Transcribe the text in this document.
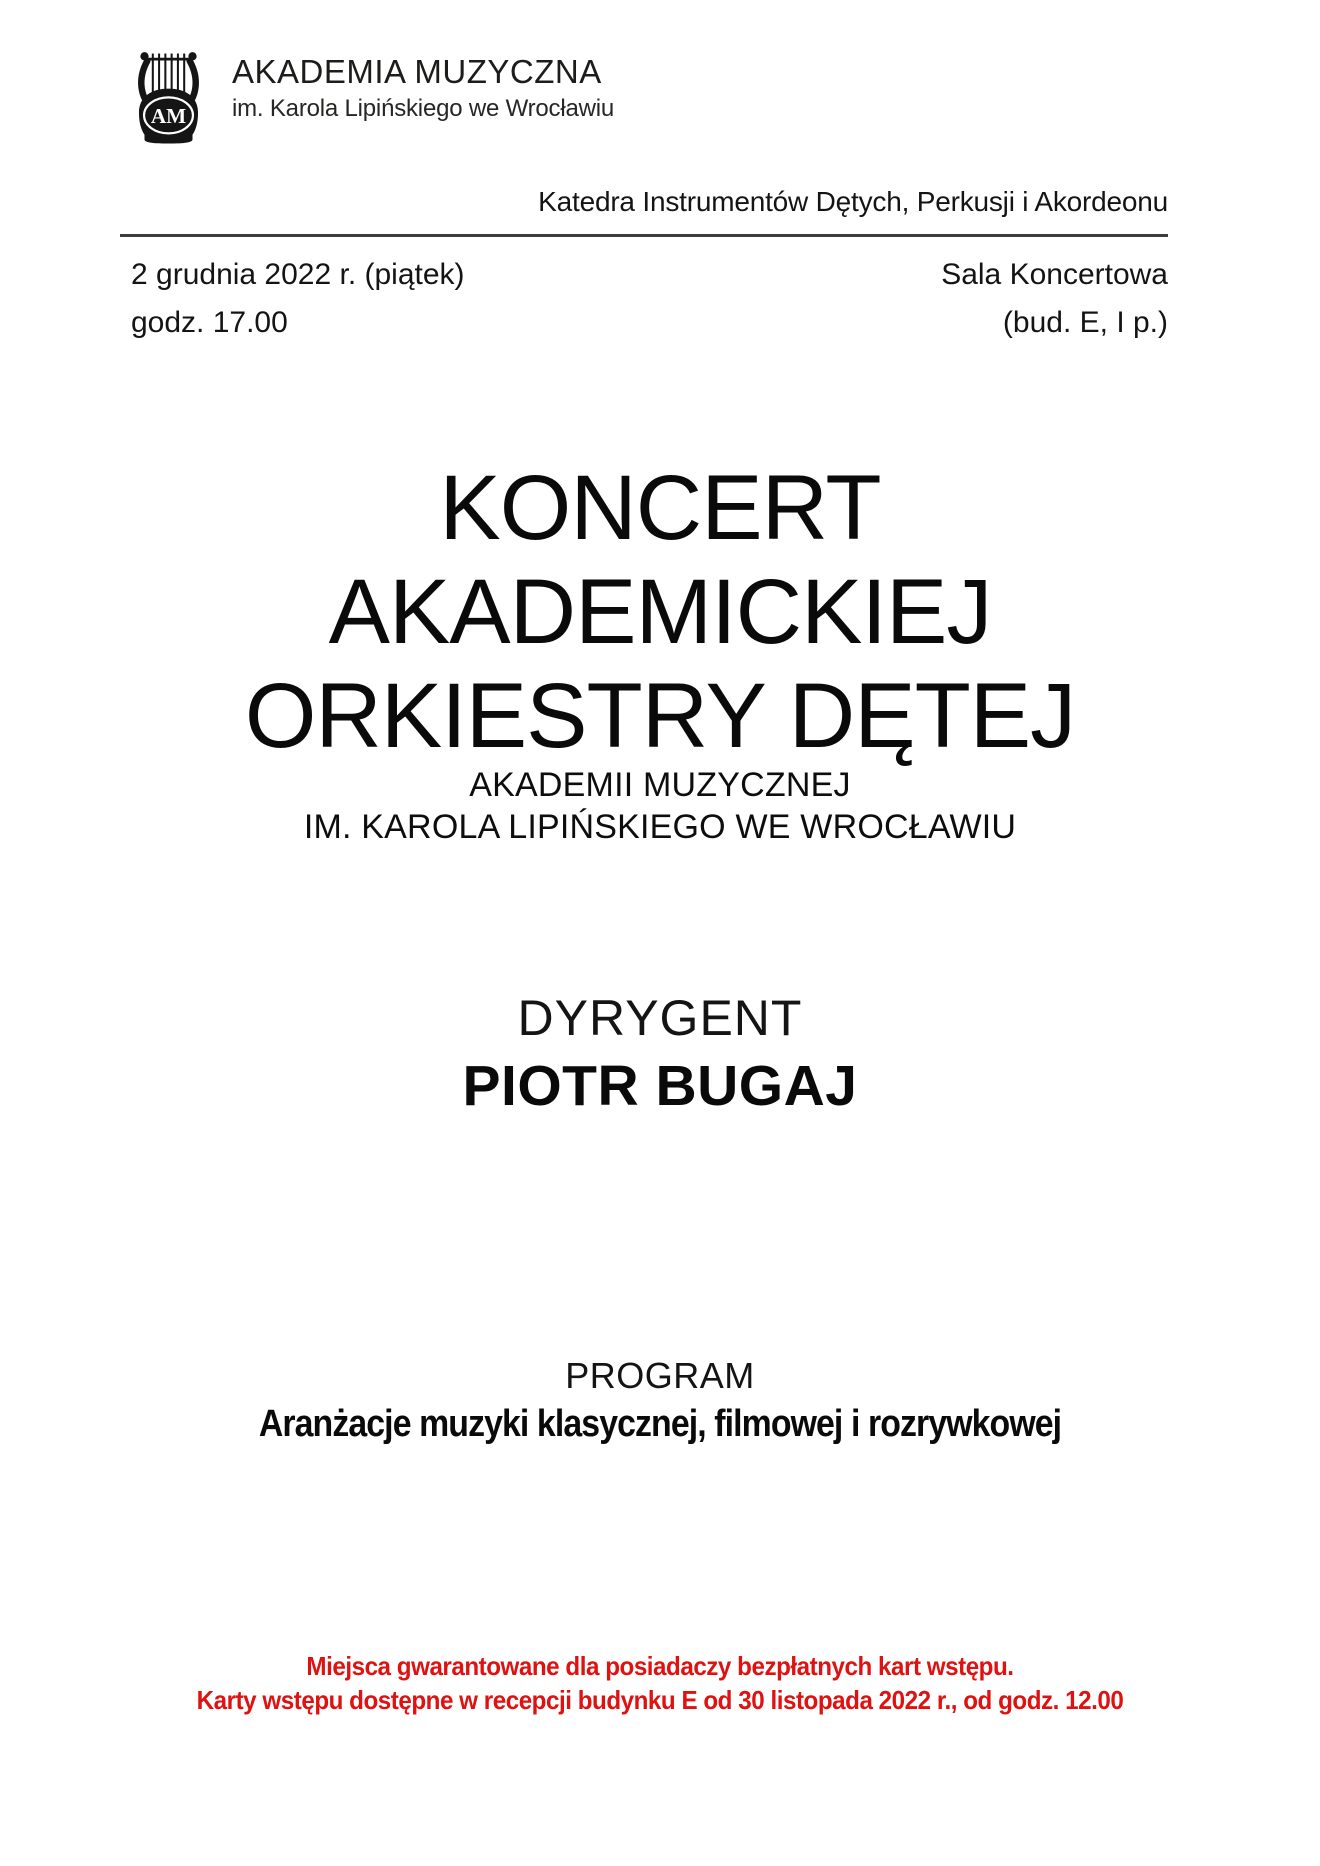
AM
AKADEMIA MUZYCZNA
im. Karola Lipińskiego we Wrocławiu
Katedra Instrumentów Dętych, Perkusji i Akordeonu
2 grudnia 2022 r. (piątek)	Sala Koncertowa
godz. 17.00	(bud. E, I p.)
KONCERT
AKADEMICKIEJ
ORKIESTRY DĘTEJ
AKADEMII MUZYCZNEJ
IM. KAROLA LIPIŃSKIEGO WE WROCŁAWIU
DYRYGENT
PIOTR BUGAJ
PROGRAM
Aranżacje muzyki klasycznej, filmowej i rozrywkowej
Miejsca gwarantowane dla posiadaczy bezpłatnych kart wstępu.
Karty wstępu dostępne w recepcji budynku E od 30 listopada 2022 r., od godz. 12.00
